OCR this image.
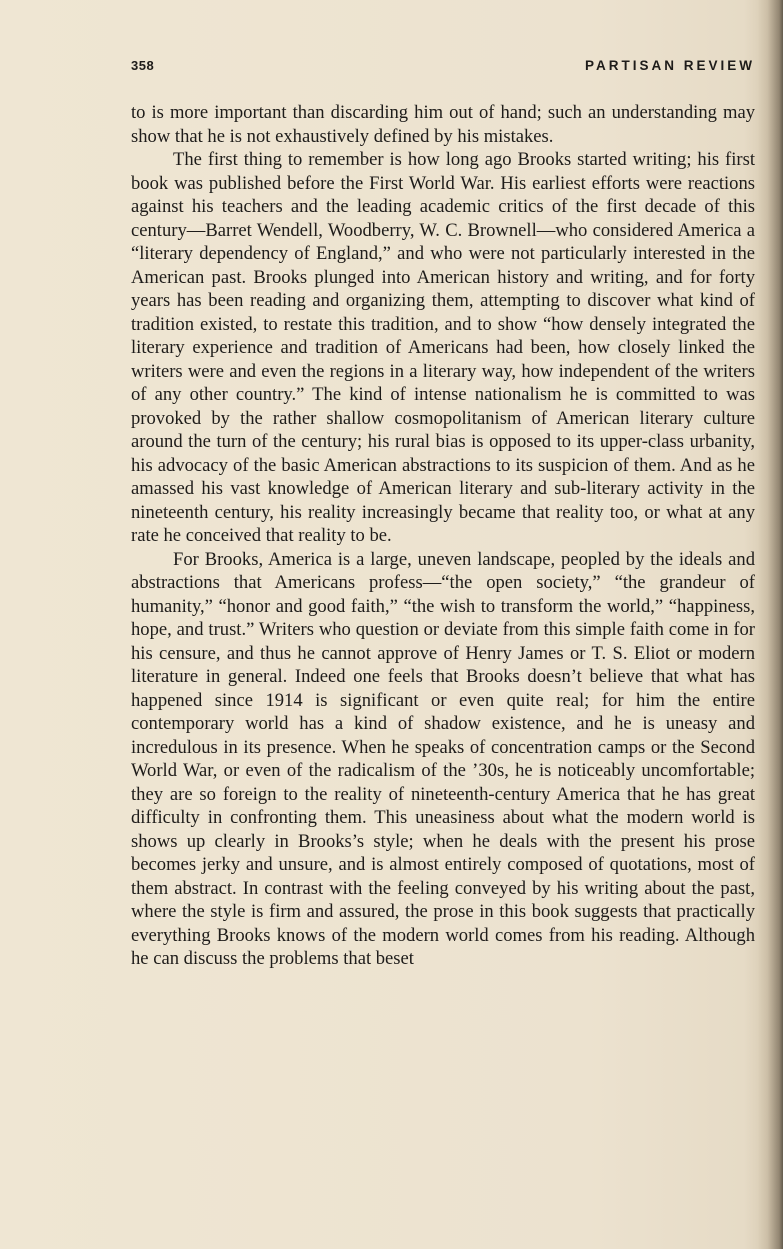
358	PARTISAN REVIEW

to is more important than discarding him out of hand; such an understanding may show that he is not exhaustively defined by his mistakes.

The first thing to remember is how long ago Brooks started writing; his first book was published before the First World War. His earliest efforts were reactions against his teachers and the leading academic critics of the first decade of this century—Barret Wendell, Woodberry, W. C. Brownell—who considered America a “literary dependency of England,” and who were not particularly interested in the American past. Brooks plunged into American history and writing, and for forty years has been reading and organizing them, attempting to discover what kind of tradition existed, to restate this tradition, and to show “how densely integrated the literary experience and tradition of Americans had been, how closely linked the writers were and even the regions in a literary way, how independent of the writers of any other country.” The kind of intense nationalism he is committed to was provoked by the rather shallow cosmopolitanism of American literary culture around the turn of the century; his rural bias is opposed to its upper-class urbanity, his advocacy of the basic American abstractions to its suspicion of them. And as he amassed his vast knowledge of American literary and sub-literary activity in the nineteenth century, his reality increasingly became that reality too, or what at any rate he conceived that reality to be.

For Brooks, America is a large, uneven landscape, peopled by the ideals and abstractions that Americans profess—“the open society,” “the grandeur of humanity,” “honor and good faith,” “the wish to transform the world,” “happiness, hope, and trust.” Writers who question or deviate from this simple faith come in for his censure, and thus he cannot approve of Henry James or T. S. Eliot or modern literature in general. Indeed one feels that Brooks doesn’t believe that what has happened since 1914 is significant or even quite real; for him the entire contemporary world has a kind of shadow existence, and he is uneasy and incredulous in its presence. When he speaks of concentration camps or the Second World War, or even of the radicalism of the ’30s, he is noticeably uncomfortable; they are so foreign to the reality of nineteenth-century America that he has great difficulty in confronting them. This uneasiness about what the modern world is shows up clearly in Brooks’s style; when he deals with the present his prose becomes jerky and unsure, and is almost entirely composed of quotations, most of them abstract. In contrast with the feeling conveyed by his writing about the past, where the style is firm and assured, the prose in this book suggests that practically everything Brooks knows of the modern world comes from his reading. Although he can discuss the problems that beset
